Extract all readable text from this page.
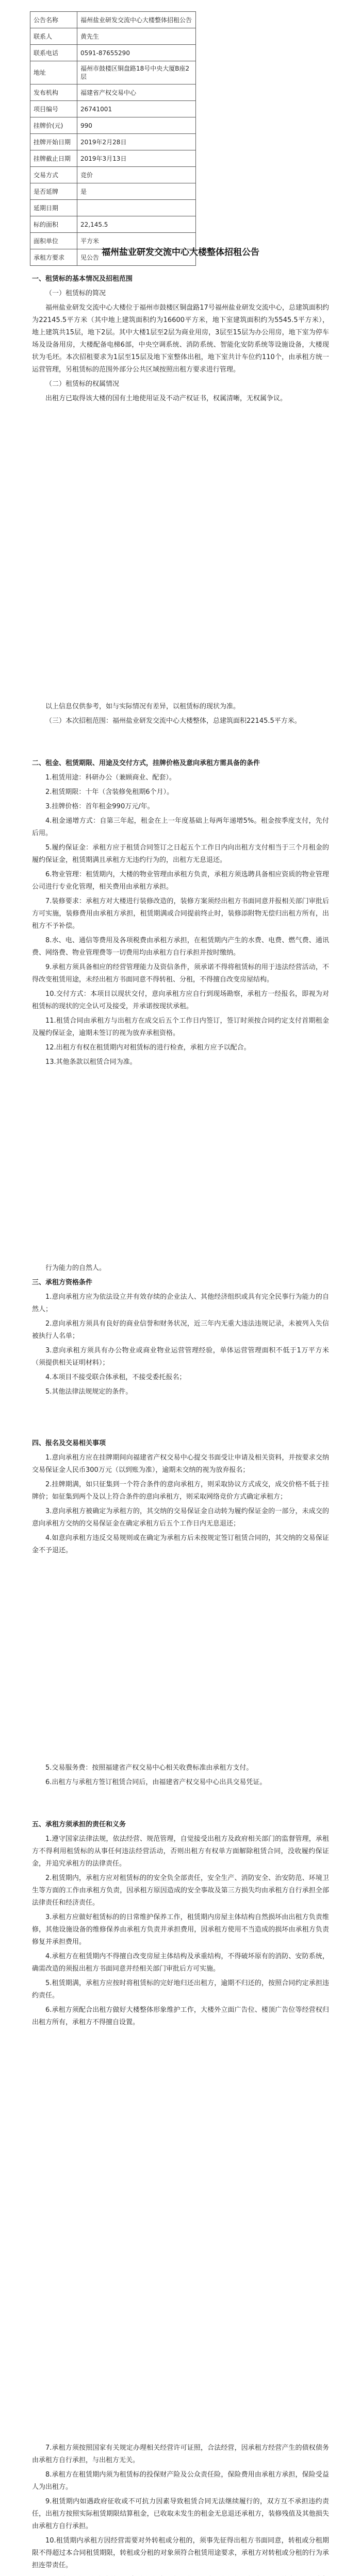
公告名称	福州盐业研发交流中心大楼整体招租公告
联系人	黄先生
联系电话	0591-87655290
地址	福州市鼓楼区铜盘路18号中央大厦B座2层
发布机构	福建省产权交易中心
项目编号	26741001
挂牌价(元)	990
挂牌开始日期	2019年2月28日
挂牌截止日期	2019年3月13日
交易方式	竞价
是否延牌	是
延期日期	
标的面积	22,145.5
面积单位	平方米
承租方要求	见公告 福州盐业研发交流中心大楼整体招租公告

一、租赁标的基本情况及招租范围

（一）租赁标的简况

福州盐业研发交流中心大楼位于福州市鼓楼区铜盘路17号福州盐业研发交流中心，总建筑面积约为22145.5平方米（其中地上建筑面积约为16600平方米，地下室建筑面积约为5545.5平方米），地上建筑共15层，地下2层。其中大楼1层至2层为商业用房，3层至15层为办公用房，地下室为停车场及设备用房，大楼配备电梯6部，中央空调系统、消防系统、智能化安防系统等设施设备，大楼现状为毛坯。本次招租要求为1层至15层及地下室整体出租，地下室共计车位约110个，由承租方统一运营管理，另租赁标的范围外部分公共区域按照出租方要求进行管理。

（二）租赁标的权属情况

出租方已取得该大楼的国有土地使用证及不动产权证书，权属清晰，无权属争议。

以上信息仅供参考，如与实际情况有差异，以租赁标的现状为准。

（三）本次招租范围：福州盐业研发交流中心大楼整体，总建筑面积22145.5平方米。

二、租金、租赁期限、用途及交付方式，挂牌价格及意向承租方需具备的条件

1.租赁用途：科研办公（兼顾商业、配套）。

2.租赁期限：十年（含装修免租期6个月）。

3.挂牌价格：首年租金990万元/年。

4.租金递增方式：自第三年起，租金在上一年度基础上每两年递增5%。租金按季度支付，先付后用。

5.履约保证金：承租方应于租赁合同签订之日起五个工作日内向出租方支付相当于三个月租金的履约保证金，租赁期满且承租方无违约行为的，出租方无息退还。

6.物业管理：租赁期内，大楼的物业管理由承租方负责，承租方须选聘具备相应资质的物业管理公司进行专业化管理，相关费用由承租方承担。

7.装修要求：承租方对大楼进行装修改造的，装修方案须经出租方书面同意并报相关部门审批后方可实施，装修费用由承租方承担，租赁期满或合同提前终止时，装修添附物无偿归出租方所有，出租方不予补偿。

8.水、电、通信等费用及各项税费由承租方承担，在租赁期内产生的水费、电费、燃气费、通讯费、网络费、物业管理费等一切费用均由承租方自行承担并按时缴纳。

9.承租方须具备相应的经营管理能力及资信条件，须承诺不得将租赁标的用于违法经营活动，不得改变租赁用途，未经出租方书面同意不得转租、分租，不得擅自改变房屋结构。

10.交付方式：本项目以现状交付，意向承租方应自行到现场勘察，承租方一经报名，即视为对租赁标的现状的完全认可及接受，并承诺按现状承租。

11.租赁合同由承租方与出租方在成交后五个工作日内签订，签订时须按合同约定支付首期租金及履约保证金，逾期未签订的视为放弃承租资格。

12.出租方有权在租赁期内对租赁标的进行检查，承租方应予以配合。

13.其他条款以租赁合同为准。

行为能力的自然人。

三、承租方资格条件

1.意向承租方应为依法设立并有效存续的企业法人、其他经济组织或具有完全民事行为能力的自然人；

2.意向承租方须具有良好的商业信誉和财务状况，近三年内无重大违法违规记录，未被列入失信被执行人名单；

3.意向承租方须具有办公物业或商业物业运营管理经验，单体运营管理面积不低于1万平方米（须提供相关证明材料）；

4.本项目不接受联合体承租，不接受委托报名；

5.其他法律法规规定的条件。

四、报名及交易相关事项

1.意向承租方应在挂牌期间向福建省产权交易中心提交书面受让申请及相关资料，并按要求交纳交易保证金人民币300万元（以到账为准），逾期未交纳的视为放弃报名；

2.挂牌期满，如只征集到一个符合条件的意向承租方，则采取协议方式成交，成交价格不低于挂牌价；如征集到两个及以上符合条件的意向承租方，则采取网络竞价方式确定承租方；

3.意向承租方被确定为承租方的，其交纳的交易保证金自动转为履约保证金的一部分，未成交的意向承租方交纳的交易保证金在确定承租方后五个工作日内无息退还；

4.如意向承租方违反交易规则或在确定为承租方后未按规定签订租赁合同的，其交纳的交易保证金不予退还。

5.交易服务费：按照福建省产权交易中心相关收费标准由承租方支付。

6.出租方与承租方签订租赁合同后，由福建省产权交易中心出具交易凭证。

五、承租方须承担的责任和义务

1.遵守国家法律法规，依法经营、规范管理，自觉接受出租方及政府相关部门的监督管理，承租方不得利用租赁标的从事任何违法经营活动，否则出租方有权单方面解除租赁合同，没收履约保证金，并追究承租方的法律责任。

2.租赁期内，承租方应对租赁标的的安全负全部责任，安全生产、消防安全、治安防范、环境卫生等方面的工作由承租方负责，因承租方原因造成的安全事故及第三方损失均由承租方自行承担全部法律责任和经济责任。

3.承租方应做好租赁标的的日常维护保养工作，租赁期内房屋主体结构自然损坏由出租方负责维修，其他设施设备的维修保养由承租方负责并承担费用，因承租方使用不当造成的损坏由承租方负责修复并承担费用。

4.承租方在租赁期内不得擅自改变房屋主体结构及承重结构，不得破坏原有的消防、安防系统，确需改造的须报出租方书面同意并经相关部门审批后方可实施。

5.租赁期满，承租方应按时将租赁标的完好地归还出租方，逾期不归还的，按照合同约定承担违约责任。

6.承租方须配合出租方做好大楼整体形象维护工作，大楼外立面广告位、楼顶广告位等经营权归出租方所有，承租方不得擅自设置。

7.承租方须按照国家有关规定办理相关经营许可证照，合法经营，因承租方经营产生的债权债务由承租方自行承担，与出租方无关。

8.承租方在租赁期内须为租赁标的投保财产险及公众责任险，保险费用由承租方承担，保险受益人为出租方。

9.租赁期内如遇政府征收或不可抗力因素导致租赁合同无法继续履行的，双方互不承担违约责任，出租方按照实际租赁期限结算租金，已收取未发生的租金无息退还承租方，装修残值及其他损失由承租方自行承担。

10.租赁期内承租方因经营需要对外转租或分租的，须事先征得出租方书面同意，转租或分租期限不得超过本合同租赁期限，转租或分租的对象须符合租赁用途要求，承租方对转租或分租的行为承担连带责任。
